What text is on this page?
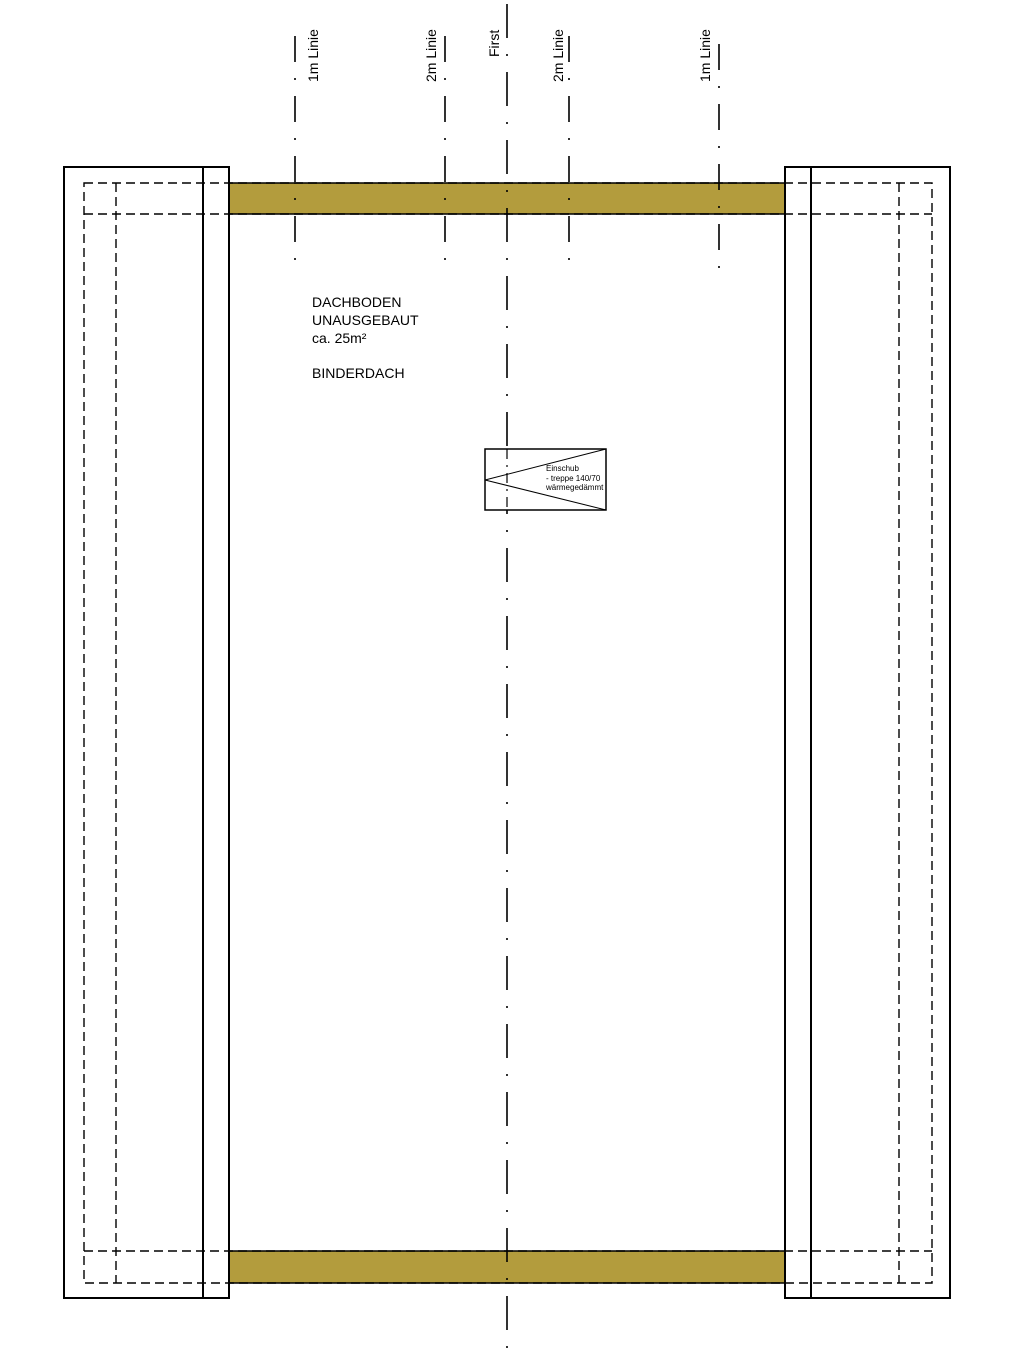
1m Linie	2m Linie	First	2m Linie	1m Linie
DACHBODEN
UNAUSGEBAUT
ca. 25m²
BINDERDACH
Einschub
- treppe 140/70
wärmegedämmt
